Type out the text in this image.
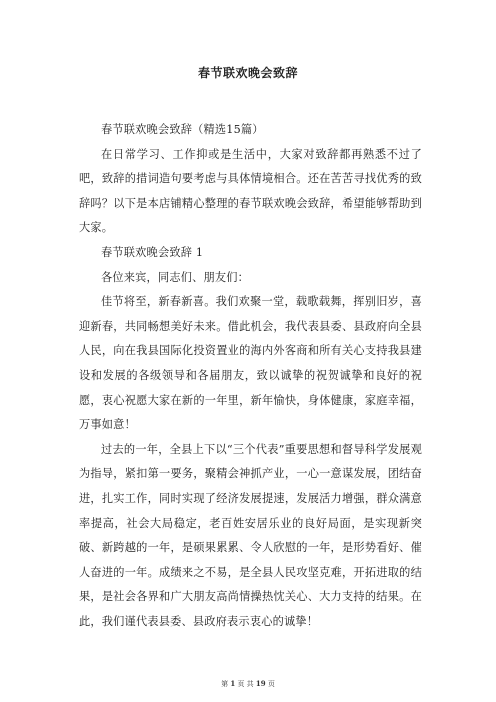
春节联欢晚会致辞

春节联欢晚会致辞（精选15篇）

在日常学习、工作抑或是生活中，大家对致辞都再熟悉不过了吧，致辞的措词造句要考虑与具体情境相合。还在苦苦寻找优秀的致辞吗？以下是本店铺精心整理的春节联欢晚会致辞，希望能够帮助到大家。

春节联欢晚会致辞 1

各位来宾，同志们、朋友们：

佳节将至，新春新喜。我们欢聚一堂，载歌载舞，挥别旧岁，喜迎新春，共同畅想美好未来。借此机会，我代表县委、县政府向全县人民，向在我县国际化投资置业的海内外客商和所有关心支持我县建设和发展的各级领导和各届朋友，致以诚挚的祝贺诚挚和良好的祝愿，衷心祝愿大家在新的一年里，新年愉快，身体健康，家庭幸福，万事如意！

过去的一年，全县上下以“三个代表”重要思想和督导科学发展观为指导，紧扣第一要务，聚精会神抓产业，一心一意谋发展，团结奋进，扎实工作，同时实现了经济发展提速，发展活力增强，群众满意率提高，社会大局稳定，老百姓安居乐业的良好局面，是实现新突破、新跨越的一年，是硕果累累、令人欣慰的一年，是形势看好、催人奋进的一年。成绩来之不易，是全县人民攻坚克难，开拓进取的结果，是社会各界和广大朋友高尚情操热忱关心、大力支持的结果。在此，我们谨代表县委、县政府表示衷心的诚挚！

第 1 页 共 19 页
